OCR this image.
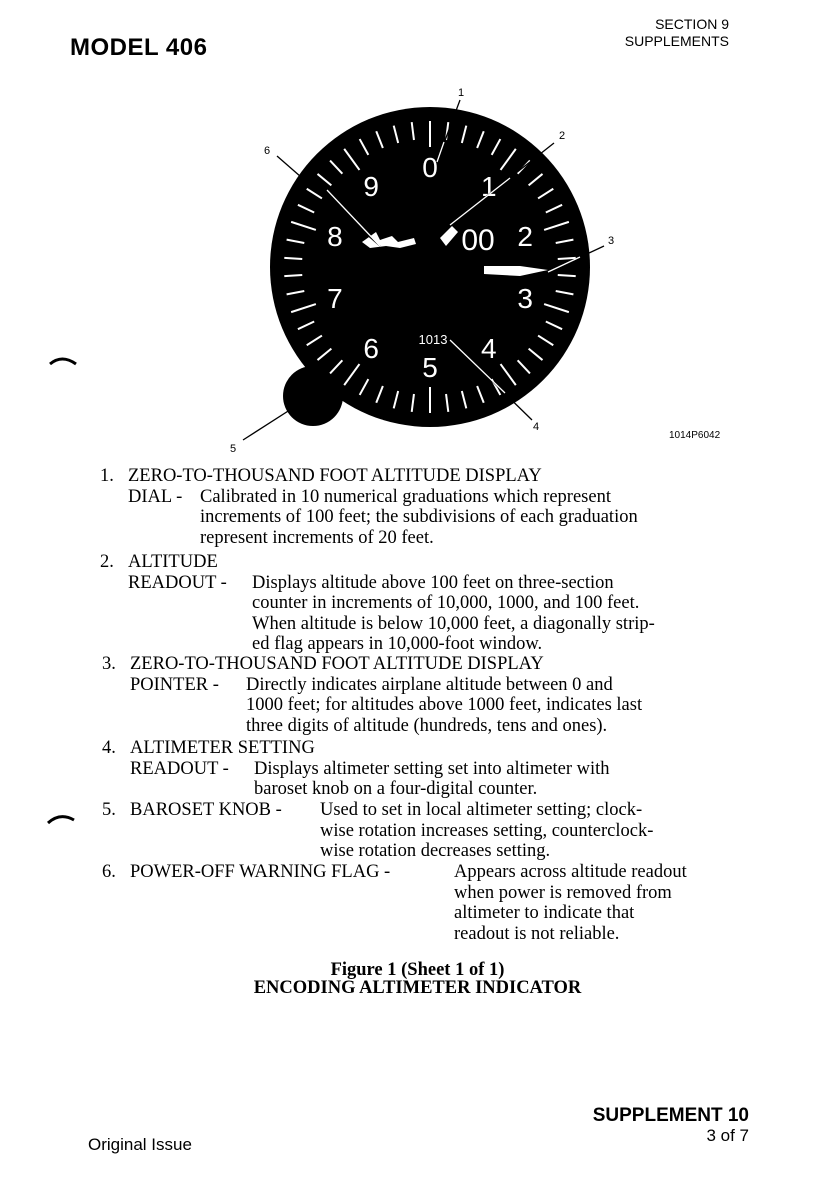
MODEL 406
SECTION 9
SUPPLEMENTS
0
1
2
3
4
5
6
7
8
9
00
1013
1
2
3
4
5
6
1014P6042
1. ZERO-TO-THOUSAND FOOT ALTITUDE DISPLAY
DIAL - Calibrated in 10 numerical graduations which represent
increments of 100 feet; the subdivisions of each graduation
represent increments of 20 feet.
2. ALTITUDE
READOUT - Displays altitude above 100 feet on three-section
counter in increments of 10,000, 1000, and 100 feet.
When altitude is below 10,000 feet, a diagonally strip-
ed flag appears in 10,000-foot window.
3. ZERO-TO-THOUSAND FOOT ALTITUDE DISPLAY
POINTER - Directly indicates airplane altitude between 0 and
1000 feet; for altitudes above 1000 feet, indicates last
three digits of altitude (hundreds, tens and ones).
4. ALTIMETER SETTING
READOUT - Displays altimeter setting set into altimeter with
baroset knob on a four-digital counter.
5. BAROSET KNOB - Used to set in local altimeter setting; clock-
wise rotation increases setting, counterclock-
wise rotation decreases setting.
6. POWER-OFF WARNING FLAG -	Appears across altitude readout
when power is removed from
altimeter to indicate that
readout is not reliable.
Figure 1 (Sheet 1 of 1)
ENCODING ALTIMETER INDICATOR
SUPPLEMENT 10
3 of 7
Original Issue
